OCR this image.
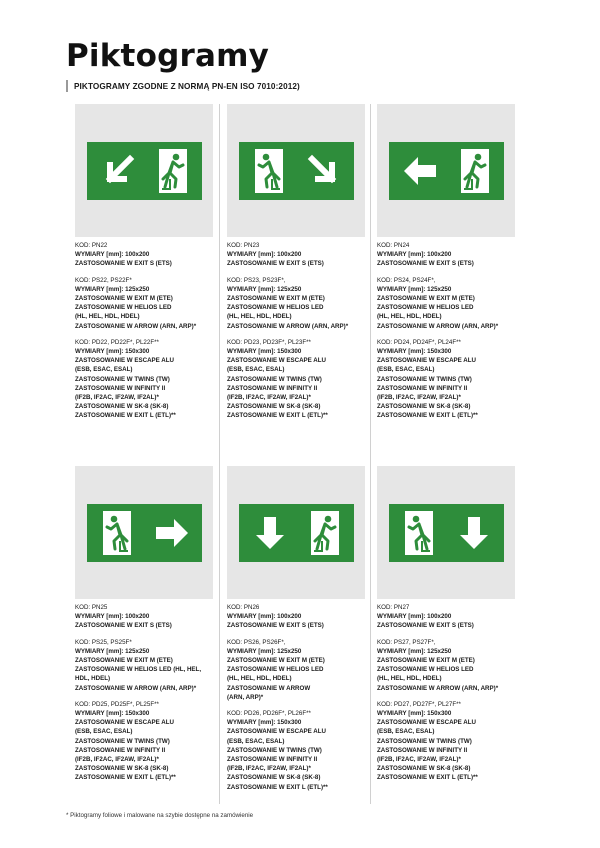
Piktogramy
PIKTOGRAMY ZGODNE Z NORMĄ PN-EN ISO 7010:2012)
KOD: PN22
WYMIARY [mm]: 100x200
ZASTOSOWANIE W EXIT S (ETS)
KOD: PS22, PS22F*
WYMIARY [mm]: 125x250
ZASTOSOWANIE W EXIT M (ETE)
ZASTOSOWANIE W HELIOS LED
(HL, HEL, HDL, HDEL)
ZASTOSOWANIE W ARROW (ARN, ARP)*
KOD: PD22, PD22F*, PL22F**
WYMIARY [mm]: 150x300
ZASTOSOWANIE W ESCAPE ALU
(ESB, ESAC, ESAL)
ZASTOSOWANIE W TWINS (TW)
ZASTOSOWANIE W INFINITY II
(IF2B, IF2AC, IF2AW, IF2AL)*
ZASTOSOWANIE W SK-8 (SK-8)
ZASTOSOWANIE W EXIT L (ETL)**
KOD: PN23
WYMIARY [mm]: 100x200
ZASTOSOWANIE W EXIT S (ETS)
KOD: PS23, PS23F*,
WYMIARY [mm]: 125x250
ZASTOSOWANIE W EXIT M (ETE)
ZASTOSOWANIE W HELIOS LED
(HL, HEL, HDL, HDEL)
ZASTOSOWANIE W ARROW (ARN, ARP)*
KOD: PD23, PD23F*, PL23F**
WYMIARY [mm]: 150x300
ZASTOSOWANIE W ESCAPE ALU
(ESB, ESAC, ESAL)
ZASTOSOWANIE W TWINS (TW)
ZASTOSOWANIE W INFINITY II
(IF2B, IF2AC, IF2AW, IF2AL)*
ZASTOSOWANIE W SK-8 (SK-8)
ZASTOSOWANIE W EXIT L (ETL)**
KOD: PN24
WYMIARY [mm]: 100x200
ZASTOSOWANIE W EXIT S (ETS)
KOD: PS24, PS24F*,
WYMIARY [mm]: 125x250
ZASTOSOWANIE W EXIT M (ETE)
ZASTOSOWANIE W HELIOS LED
(HL, HEL, HDL, HDEL)
ZASTOSOWANIE W ARROW (ARN, ARP)*
KOD: PD24, PD24F*, PL24F**
WYMIARY [mm]: 150x300
ZASTOSOWANIE W ESCAPE ALU
(ESB, ESAC, ESAL)
ZASTOSOWANIE W TWINS (TW)
ZASTOSOWANIE W INFINITY II
(IF2B, IF2AC, IF2AW, IF2AL)*
ZASTOSOWANIE W SK-8 (SK-8)
ZASTOSOWANIE W EXIT L (ETL)**
KOD: PN25
WYMIARY [mm]: 100x200
ZASTOSOWANIE W EXIT S (ETS)
KOD: PS25, PS25F*
WYMIARY [mm]: 125x250
ZASTOSOWANIE W EXIT M (ETE)
ZASTOSOWANIE W HELIOS LED (HL, HEL,
HDL, HDEL)
ZASTOSOWANIE W ARROW (ARN, ARP)*
KOD: PD25, PD25F*, PL25F**
WYMIARY [mm]: 150x300
ZASTOSOWANIE W ESCAPE ALU
(ESB, ESAC, ESAL)
ZASTOSOWANIE W TWINS (TW)
ZASTOSOWANIE W INFINITY II
(IF2B, IF2AC, IF2AW, IF2AL)*
ZASTOSOWANIE W SK-8 (SK-8)
ZASTOSOWANIE W EXIT L (ETL)**
KOD: PN26
WYMIARY [mm]: 100x200
ZASTOSOWANIE W EXIT S (ETS)
KOD: PS26, PS26F*,
WYMIARY [mm]: 125x250
ZASTOSOWANIE W EXIT M (ETE)
ZASTOSOWANIE W HELIOS LED
(HL, HEL, HDL, HDEL)
ZASTOSOWANIE W ARROW
(ARN, ARP)*
KOD: PD26, PD26F*, PL26F**
WYMIARY [mm]: 150x300
ZASTOSOWANIE W ESCAPE ALU
(ESB, ESAC, ESAL)
ZASTOSOWANIE W TWINS (TW)
ZASTOSOWANIE W INFINITY II
(IF2B, IF2AC, IF2AW, IF2AL)*
ZASTOSOWANIE W SK-8 (SK-8)
ZASTOSOWANIE W EXIT L (ETL)**
KOD: PN27
WYMIARY [mm]: 100x200
ZASTOSOWANIE W EXIT S (ETS)
KOD: PS27, PS27F*,
WYMIARY [mm]: 125x250
ZASTOSOWANIE W EXIT M (ETE)
ZASTOSOWANIE W HELIOS LED
(HL, HEL, HDL, HDEL)
ZASTOSOWANIE W ARROW (ARN, ARP)*
KOD: PD27, PD27F*, PL27F**
WYMIARY [mm]: 150x300
ZASTOSOWANIE W ESCAPE ALU
(ESB, ESAC, ESAL)
ZASTOSOWANIE W TWINS (TW)
ZASTOSOWANIE W INFINITY II
(IF2B, IF2AC, IF2AW, IF2AL)*
ZASTOSOWANIE W SK-8 (SK-8)
ZASTOSOWANIE W EXIT L (ETL)**
* Piktogramy foliowe i malowane na szybie dostępne na zamówienie
